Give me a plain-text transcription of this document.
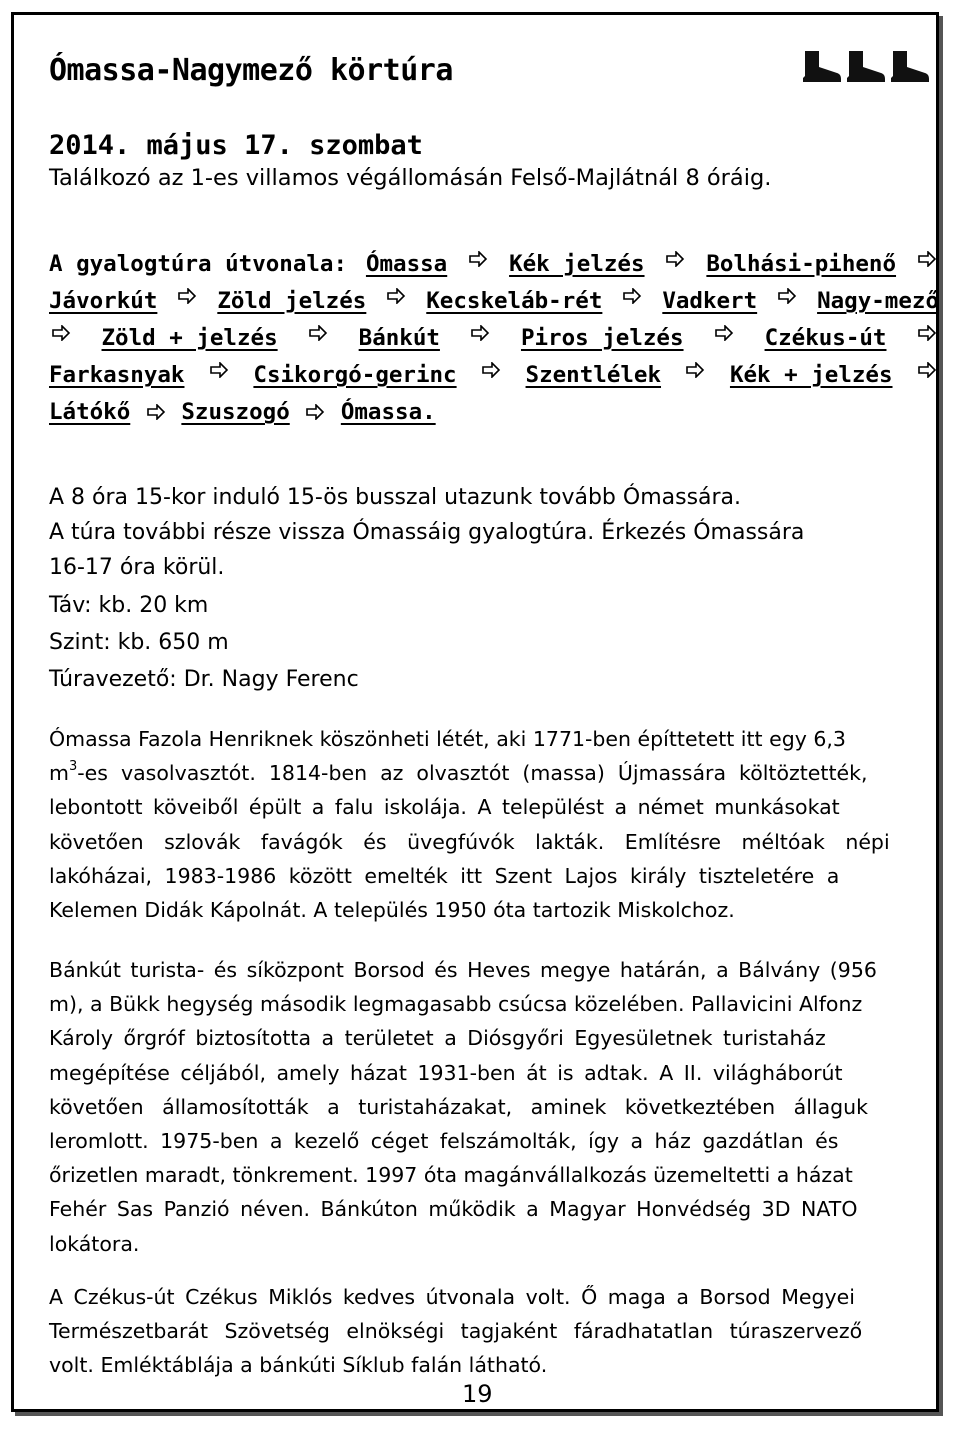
Ómassa-Nagymező körtúra
2014. május 17. szombat
Találkozó az 1-es villamos végállomásán Felső-Majlátnál 8 óráig.
A gyalogtúra útvonala: Ómassa	Kék jelzés	Bolhási-pihenő
Jávorkút	Zöld jelzés	Kecskeláb-rét	Vadkert	Nagy-mező
Zöld + jelzés	Bánkút	Piros jelzés	Czékus-út
Farkasnyak	Csikorgó-gerinc	Szentlélek	Kék + jelzés
Látókő Szuszogó Ómassa.
A 8 óra 15-kor induló 15-ös busszal utazunk tovább Ómassára.
A túra további része vissza Ómassáig gyalogtúra. Érkezés Ómassára
16-17 óra körül.
Táv: kb. 20 km
Szint: kb. 650 m
Túravezető: Dr. Nagy Ferenc
Ómassa Fazola Henriknek köszönheti létét, aki 1771-ben építtetett itt egy 6,3
$m^3$ -es vasolvasztót. 1814-ben az olvasztót (massa) Újmassára költöztették,
lebontott köveiből épült a falu iskolája. A települést a német munkásokat
követően szlovák favágók és üvegfúvók lakták. Említésre méltóak népi
lakóházai, 1983-1986 között emelték itt Szent Lajos király tiszteletére a
Kelemen Didák Kápolnát. A település 1950 óta tartozik Miskolchoz.
Bánkút turista- és síközpont Borsod és Heves megye határán, a Bálvány (956
m), a Bükk hegység második legmagasabb csúcsa közelében. Pallavicini Alfonz
Károly őrgróf biztosította a területet a Diósgyőri Egyesületnek turistaház
megépítése céljából, amely házat 1931-ben át is adtak. A II. világháborút
követően államosították a turistaházakat, aminek következtében állaguk
leromlott. 1975-ben a kezelő céget felszámolták, így a ház gazdátlan és
őrizetlen maradt, tönkrement. 1997 óta magánvállalkozás üzemeltetti a házat
Fehér Sas Panzió néven. Bánkúton működik a Magyar Honvédség 3D NATO
lokátora.
A Czékus-út Czékus Miklós kedves útvonala volt. Ő maga a Borsod Megyei
Természetbarát Szövetség elnökségi tagjaként fáradhatatlan túraszervező
volt. Emléktáblája a bánkúti Síklub falán látható.
19
